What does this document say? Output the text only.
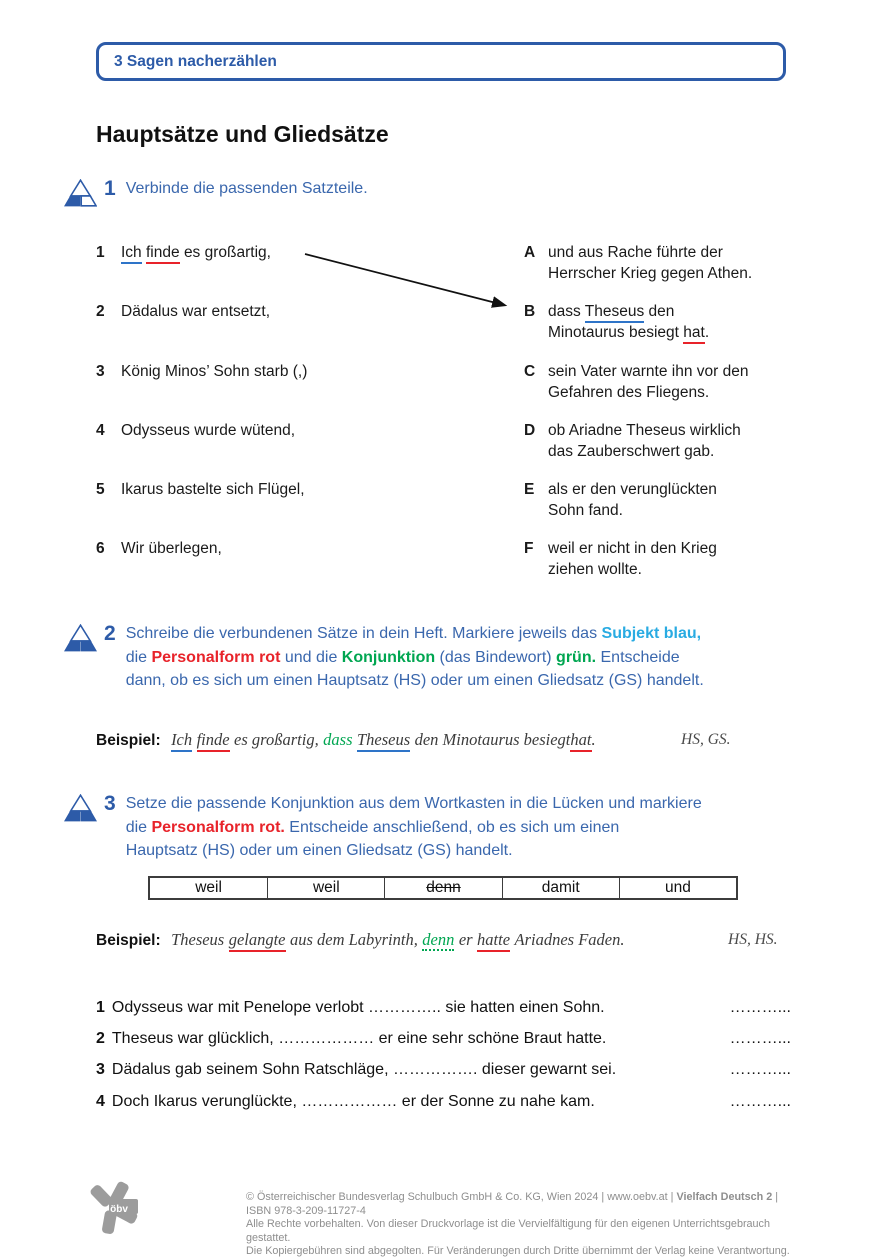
3 Sagen nacherzählen
Hauptsätze und Gliedsätze
1 Verbinde die passenden Satzteile.
1	Ich finde es großartig,	A und aus Rache führte der
Herrscher Krieg gegen Athen.
2	Dädalus war entsetzt,	B dass Theseus den
Minotaurus besiegt hat.
3	König Minos’ Sohn starb (,)	C sein Vater warnte ihn vor den
Gefahren des Fliegens.
4	Odysseus wurde wütend,	D ob Ariadne Theseus wirklich
das Zauberschwert gab.
5	Ikarus bastelte sich Flügel,	E als er den verunglückten
Sohn fand.
6	Wir überlegen,	F weil er nicht in den Krieg
ziehen wollte.
2 Schreibe die verbundenen Sätze in dein Heft. Markiere jeweils das Subjekt blau,
die Personalform rot und die Konjunktion (das Bindewort) grün. Entscheide
dann, ob es sich um einen Hauptsatz (HS) oder um einen Gliedsatz (GS) handelt.
Beispiel: Ich finde es großartig, dass Theseus den Minotaurus besiegthat.	HS, GS.
3 Setze die passende Konjunktion aus dem Wortkasten in die Lücken und markiere
die Personalform rot. Entscheide anschließend, ob es sich um einen
Hauptsatz (HS) oder um einen Gliedsatz (GS) handelt.
weil	weil	denn	damit	und
Beispiel: Theseus gelangte aus dem Labyrinth, denn er hatte Ariadnes Faden.	HS, HS.
1 Odysseus war mit Penelope verlobt ………….. sie hatten einen Sohn.	………...
2 Theseus war glücklich, ……………… er eine sehr schöne Braut hatte.	………...
3 Dädalus gab seinem Sohn Ratschläge, ……………. dieser gewarnt sei.	………...
4 Doch Ikarus verunglückte, ……………… er der Sonne zu nahe kam.	………...
öbv
© Österreichischer Bundesverlag Schulbuch GmbH & Co. KG, Wien 2024 | www.oebv.at | Vielfach Deutsch 2 | ISBN 978-3-209-11727-4
Alle Rechte vorbehalten. Von dieser Druckvorlage ist die Vervielfältigung für den eigenen Unterrichtsgebrauch gestattet.
Die Kopiergebühren sind abgegolten. Für Veränderungen durch Dritte übernimmt der Verlag keine Verantwortung.
